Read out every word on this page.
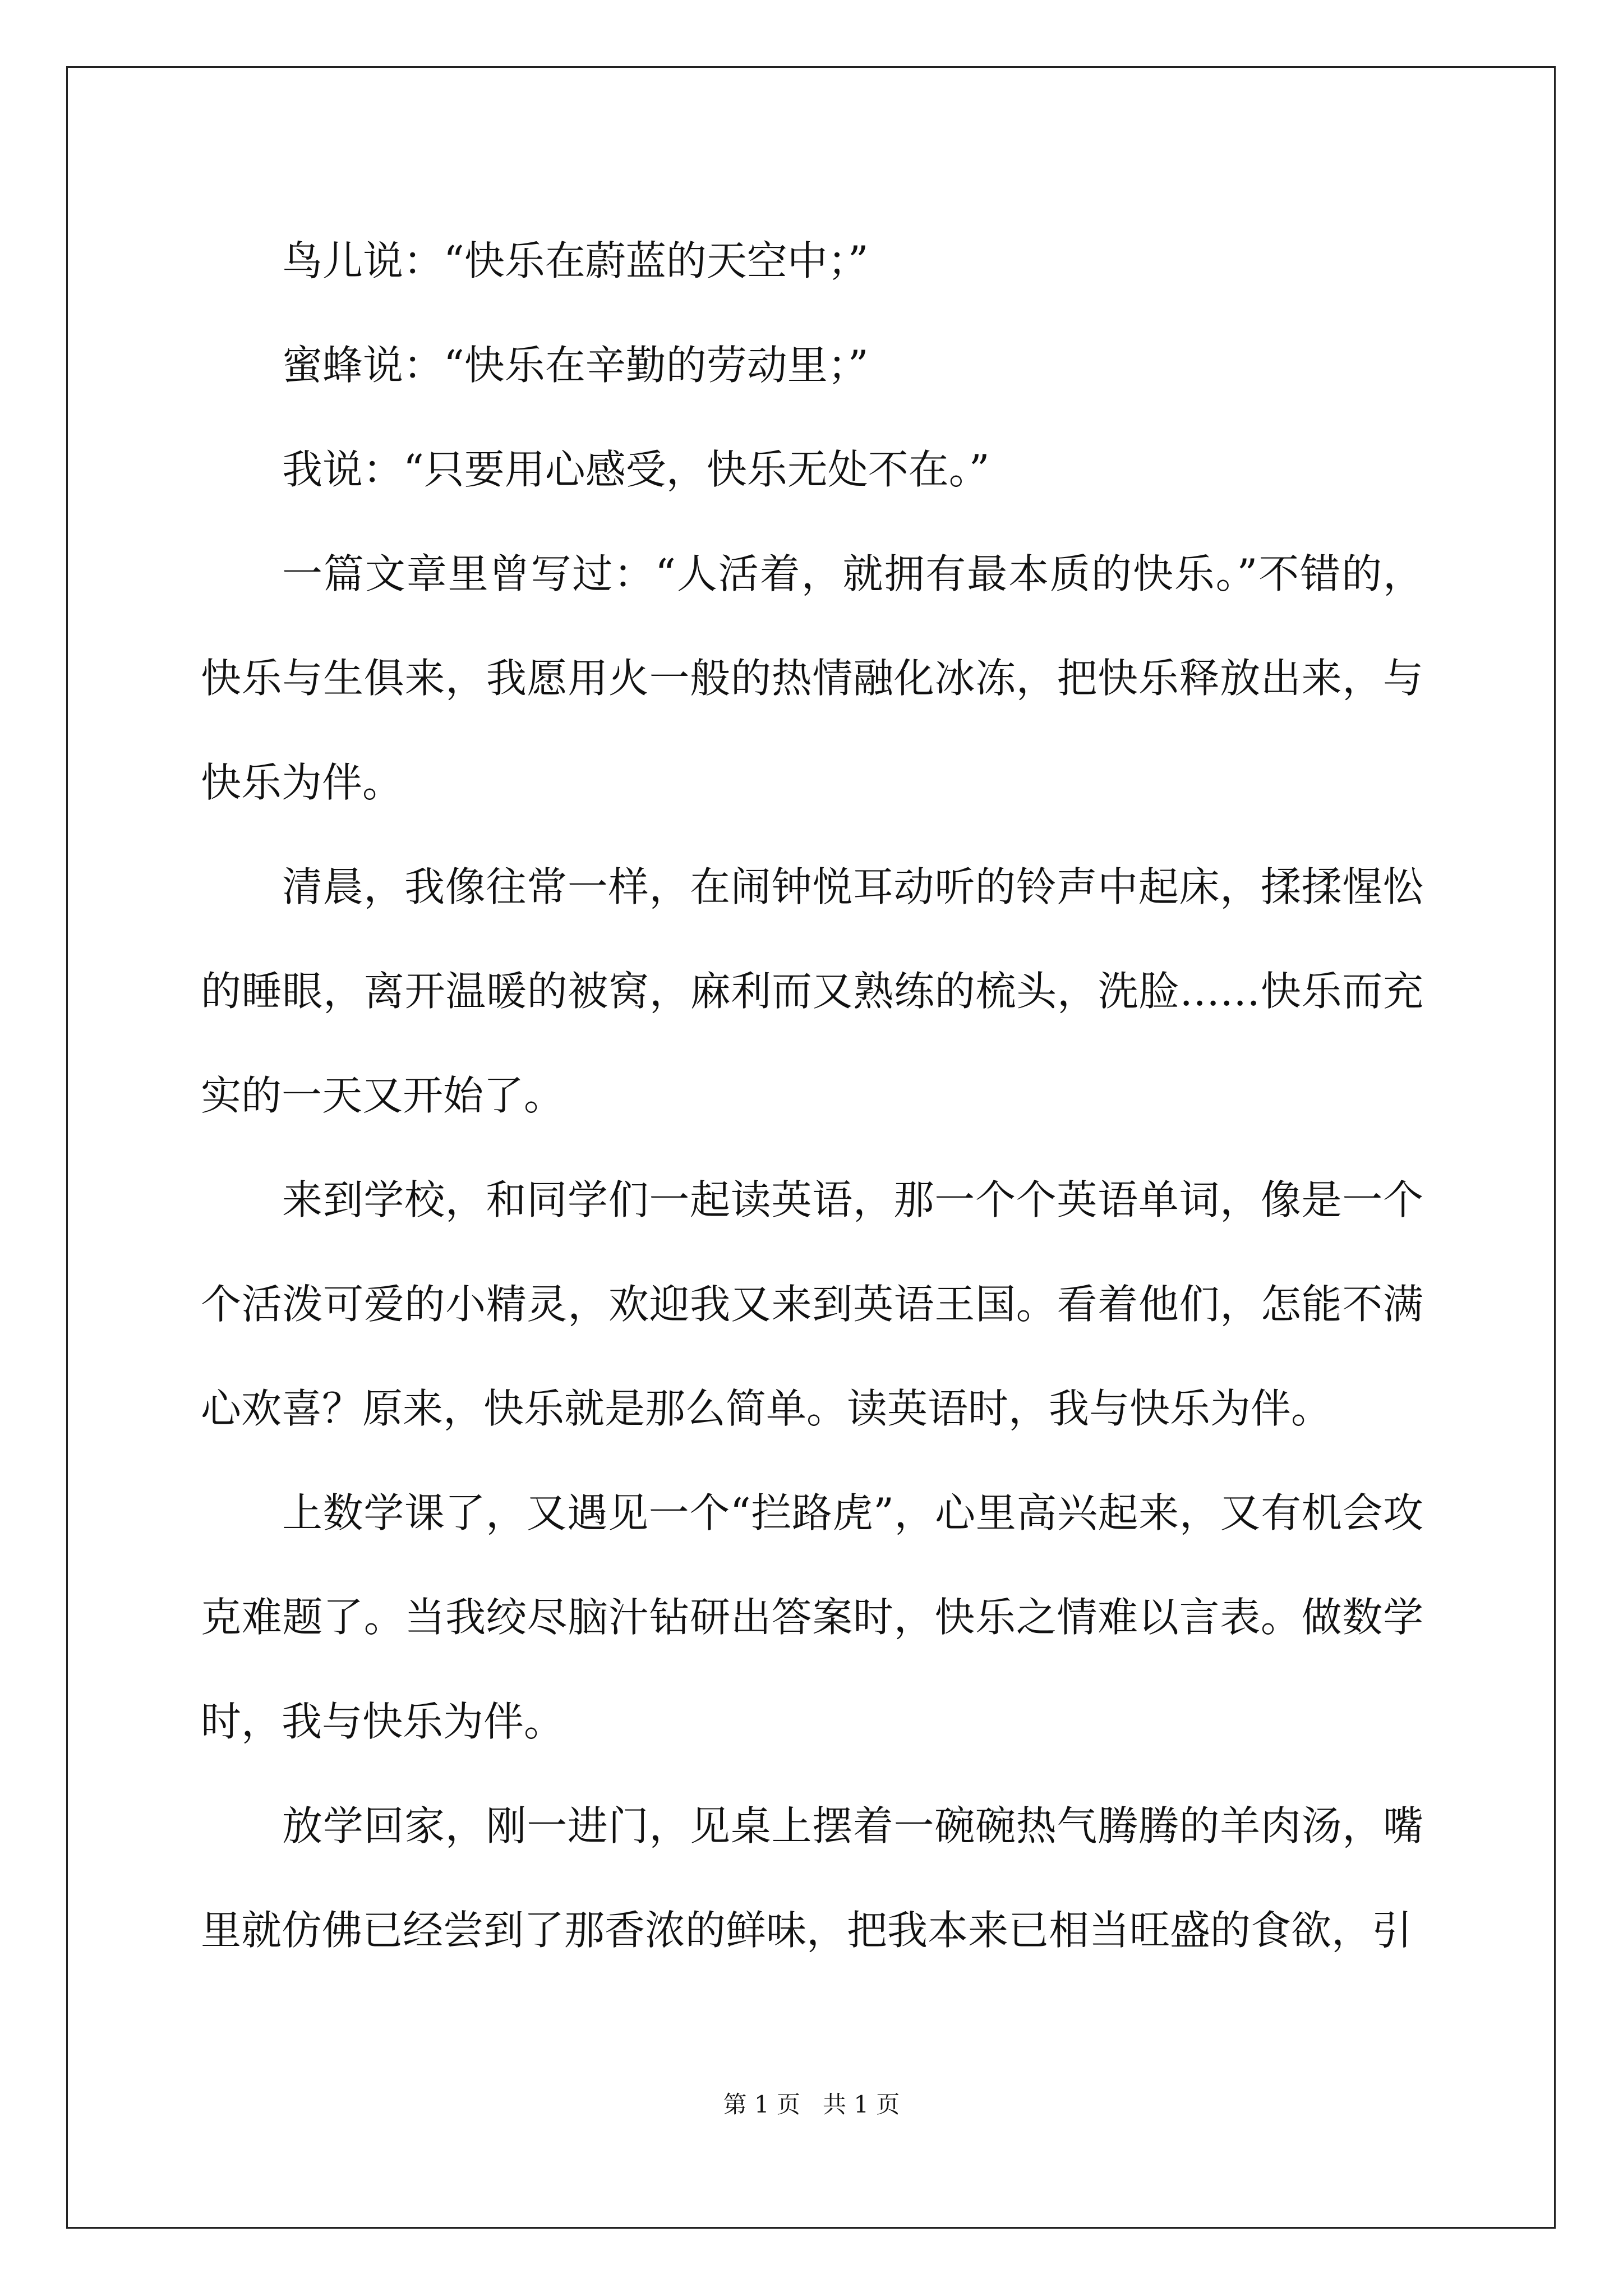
鸟儿说：“快乐在蔚蓝的天空中；”

蜜蜂说：“快乐在辛勤的劳动里；”

我说：“只要用心感受，快乐无处不在。”

一篇文章里曾写过：“人活着，就拥有最本质的快乐。”不错的，快乐与生俱来，我愿用火一般的热情融化冰冻，把快乐释放出来，与快乐为伴。

清晨，我像往常一样，在闹钟悦耳动听的铃声中起床，揉揉惺忪的睡眼，离开温暖的被窝，麻利而又熟练的梳头，洗脸……快乐而充实的一天又开始了。

来到学校，和同学们一起读英语，那一个个英语单词，像是一个个活泼可爱的小精灵，欢迎我又来到英语王国。看着他们，怎能不满心欢喜？原来，快乐就是那么简单。读英语时，我与快乐为伴。

上数学课了，又遇见一个“拦路虎”，心里高兴起来，又有机会攻克难题了。当我绞尽脑汁钻研出答案时，快乐之情难以言表。做数学时，我与快乐为伴。

放学回家，刚一进门，见桌上摆着一碗碗热气腾腾的羊肉汤，嘴里就仿佛已经尝到了那香浓的鲜味，把我本来已相当旺盛的食欲，引

第 1 页 共 1 页
